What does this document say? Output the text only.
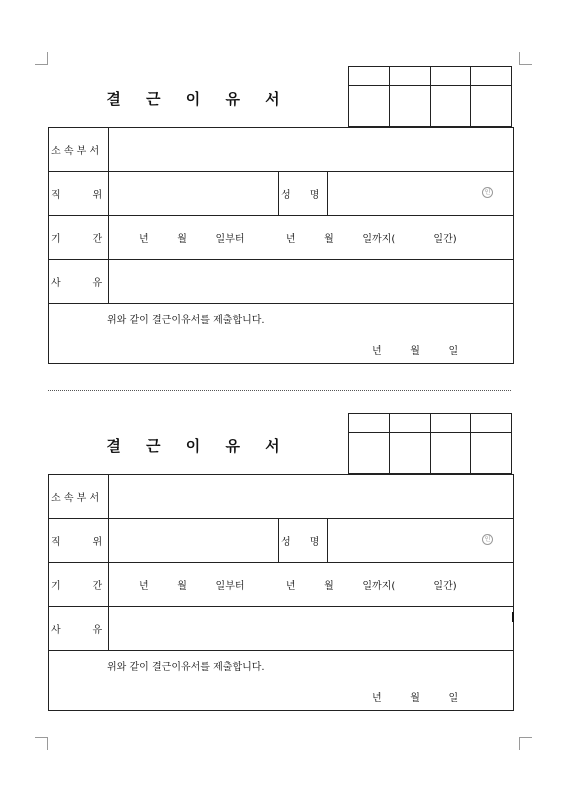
결 근 이 유 서

소 속 부 서			
직          위		성      명	인

기          간	년         월         일부터             년         월         일까지(            일간)		
사          유			

위와 같이 결근이유서를 제출합니다.
년         월         일			
결 근 이 유 서

소 속 부 서			
직          위		성      명	인

기          간	년         월         일부터             년         월         일까지(            일간)		
사          유			

위와 같이 결근이유서를 제출합니다.
년         월         일			
